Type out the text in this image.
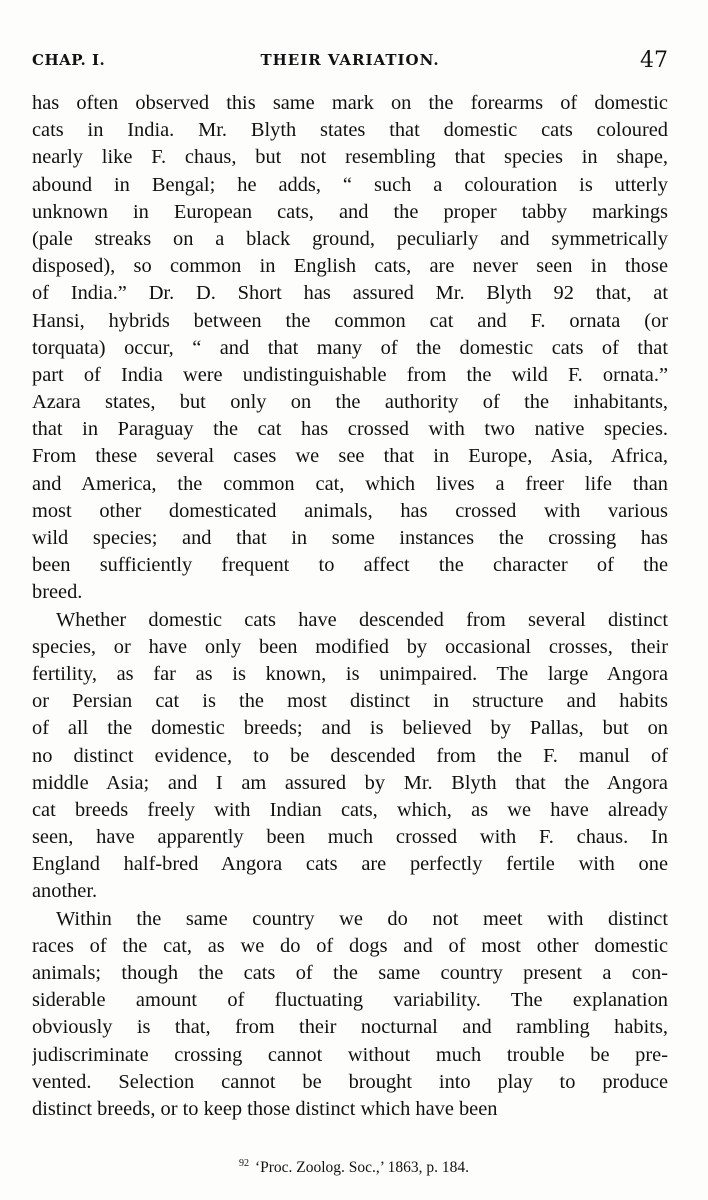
CHAP. I.	THEIR VARIATION.	47
has often observed this same mark on the forearms of domestic
cats in India. Mr. Blyth states that domestic cats coloured
nearly like F. chaus, but not resembling that species in shape,
abound in Bengal; he adds, “ such a colouration is utterly
unknown in European cats, and the proper tabby markings
(pale streaks on a black ground, peculiarly and symmetrically
disposed), so common in English cats, are never seen in those
of India.” Dr. D. Short has assured Mr. Blyth 92 that, at
Hansi, hybrids between the common cat and F. ornata (or
torquata) occur, “ and that many of the domestic cats of that
part of India were undistinguishable from the wild F. ornata.”
Azara states, but only on the authority of the inhabitants,
that in Paraguay the cat has crossed with two native species.
From these several cases we see that in Europe, Asia, Africa,
and America, the common cat, which lives a freer life than
most other domesticated animals, has crossed with various
wild species; and that in some instances the crossing has
been sufficiently frequent to affect the character of the
breed.
Whether domestic cats have descended from several distinct
species, or have only been modified by occasional crosses, their
fertility, as far as is known, is unimpaired. The large Angora
or Persian cat is the most distinct in structure and habits
of all the domestic breeds; and is believed by Pallas, but on
no distinct evidence, to be descended from the F. manul of
middle Asia; and I am assured by Mr. Blyth that the Angora
cat breeds freely with Indian cats, which, as we have already
seen, have apparently been much crossed with F. chaus. In
England half-bred Angora cats are perfectly fertile with one
another.
Within the same country we do not meet with distinct
races of the cat, as we do of dogs and of most other domestic
animals; though the cats of the same country present a con-
siderable amount of fluctuating variability. The explanation
obviously is that, from their nocturnal and rambling habits,
judiscriminate crossing cannot without much trouble be pre-
vented. Selection cannot be brought into play to produce
distinct breeds, or to keep those distinct which have been
$^{92}$ ‘Proc. Zoolog. Soc.,’ 1863, p. 184.
